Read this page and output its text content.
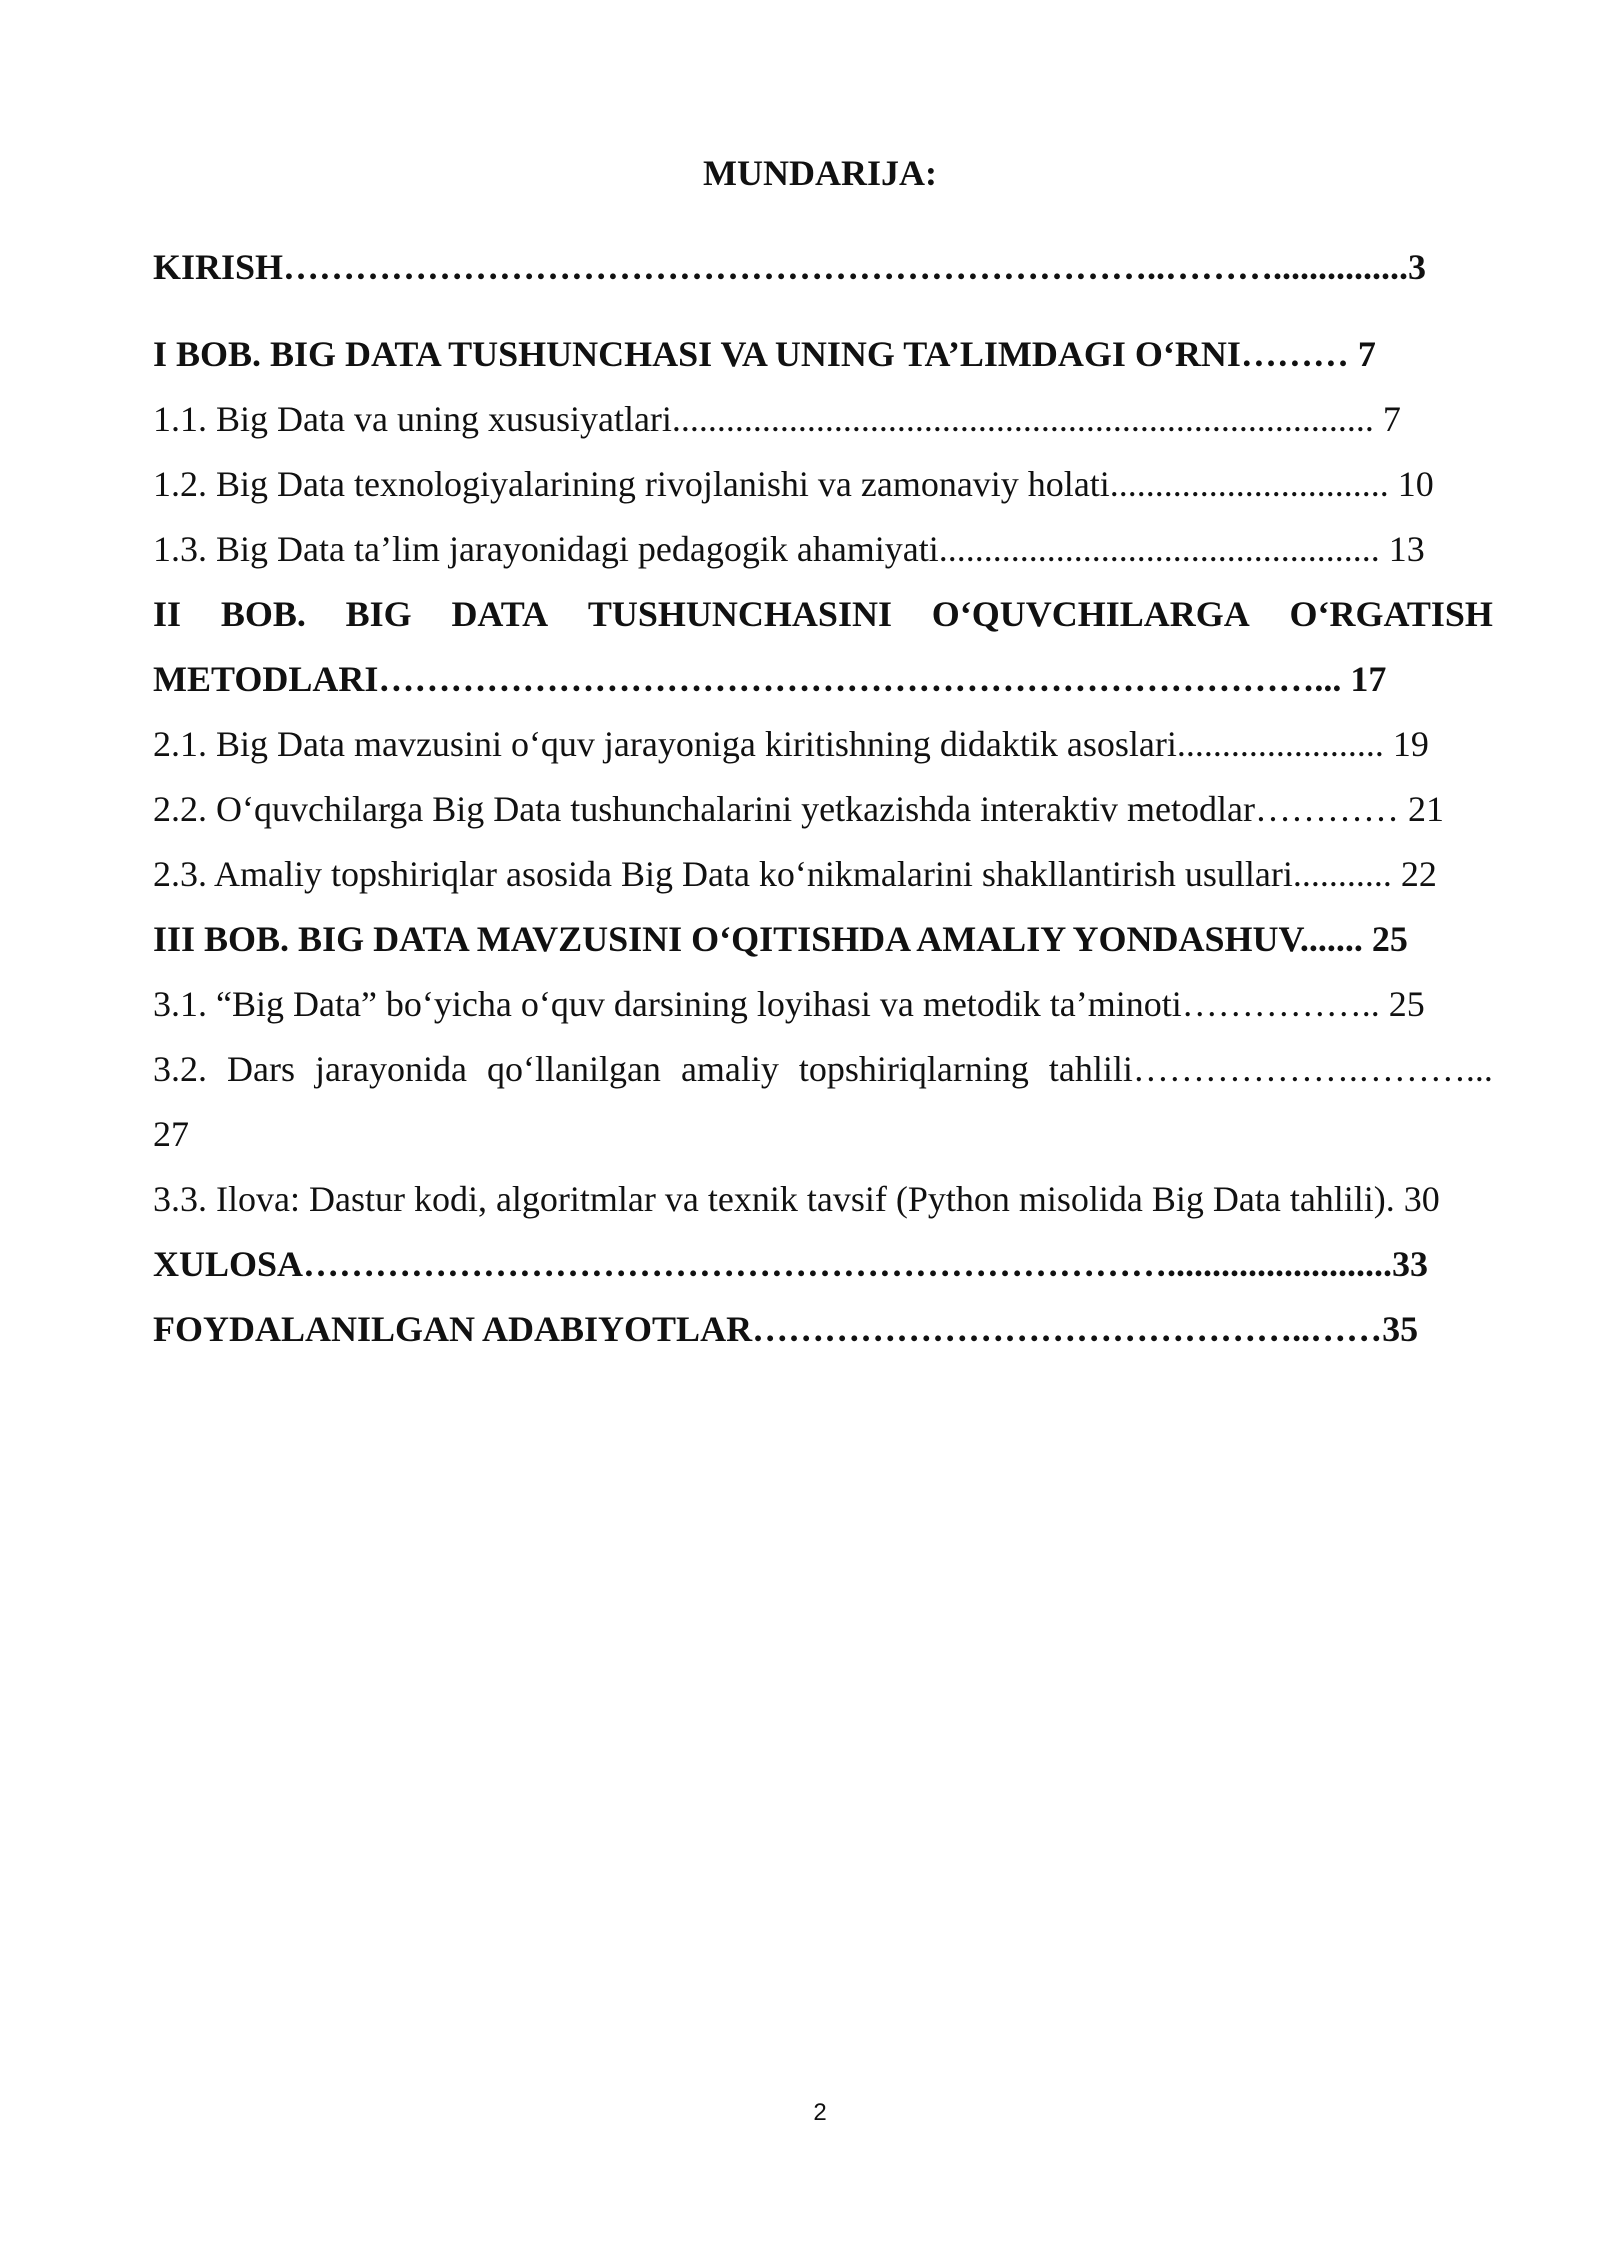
MUNDARIJA:
KIRISH………………………………………………………………..………...............3
I BOB. BIG DATA TUSHUNCHASI VA UNING TA’LIMDAGI O‘RNI……… 7
1.1. Big Data va uning xususiyatlari.............................................................................. 7
1.2. Big Data texnologiyalarining rivojlanishi va zamonaviy holati............................... 10
1.3. Big Data ta’lim jarayonidagi pedagogik ahamiyati................................................. 13
II BOB. BIG DATA TUSHUNCHASINI O‘QUVCHILARGA O‘RGATISH
METODLARI……………………………………………………………………... 17
2.1. Big Data mavzusini o‘quv jarayoniga kiritishning didaktik asoslari....................... 19
2.2. O‘quvchilarga Big Data tushunchalarini yetkazishda interaktiv metodlar………… 21
2.3. Amaliy topshiriqlar asosida Big Data ko‘nikmalarini shakllantirish usullari........... 22
III BOB. BIG DATA MAVZUSINI O‘QITISHDA AMALIY YONDASHUV....... 25
3.1. “Big Data” bo‘yicha o‘quv darsining loyihasi va metodik ta’minoti…………….. 25
3.2. Dars jarayonida qo‘llanilgan amaliy topshiriqlarning tahlili……………….………...
27
3.3. Ilova: Dastur kodi, algoritmlar va texnik tavsif (Python misolida Big Data tahlili). 30
XULOSA……………………………………………………………….........................33
FOYDALANILGAN ADABIYOTLAR………………………………………..……35
2
